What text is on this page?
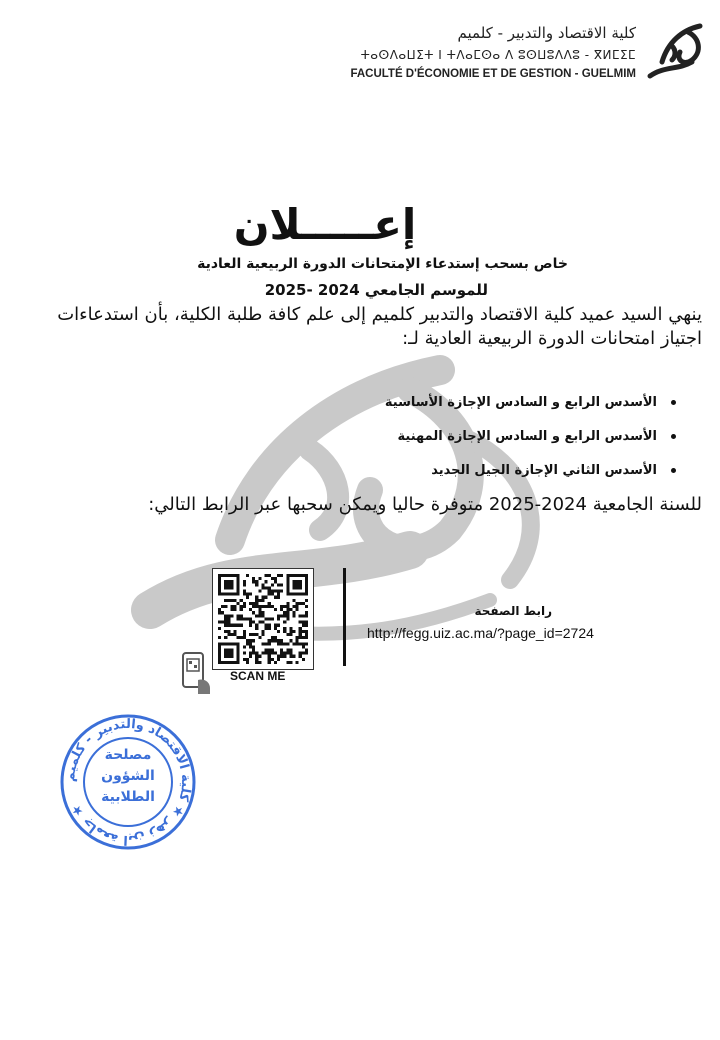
كلية الاقتصاد والتدبير - كلميم
ⵜⴰⵙⴷⴰⵡⵉⵜ ⵏ ⵜⴷⴰⵎⵙⴰ ⴷ ⵓⵙⵡⵓⴷⴷⵓ - ⴳⵍⵎⵉⵎ
FACULTÉ D'ÉCONOMIE ET DE GESTION - GUELMIM
إعـــــلان
خاص بسحب إستدعاء الإمتحانات الدورة الربيعية العادية
للموسم الجامعي 2024 -2025
ينهي السيد عميد كلية الاقتصاد والتدبير كلميم إلى علم كافة طلبة الكلية، بأن استدعاءات اجتياز امتحانات الدورة الربيعية العادية لـ:
الأسدس الرابع و السادس الإجازة الأساسية
الأسدس الرابع و السادس الإجازة المهنية
الأسدس الثاني الإجازة الجيل الجديد
للسنة الجامعية 2024-2025 متوفرة حاليا ويمكن سحبها عبر الرابط التالي:
SCAN ME
رابط الصفحة
http://fegg.uiz.ac.ma/?page_id=2724
جامعة ابن زهر ★ كلية الاقتصاد والتدبير - كلميم ★
مصلحة
الشؤون
الطلابية
